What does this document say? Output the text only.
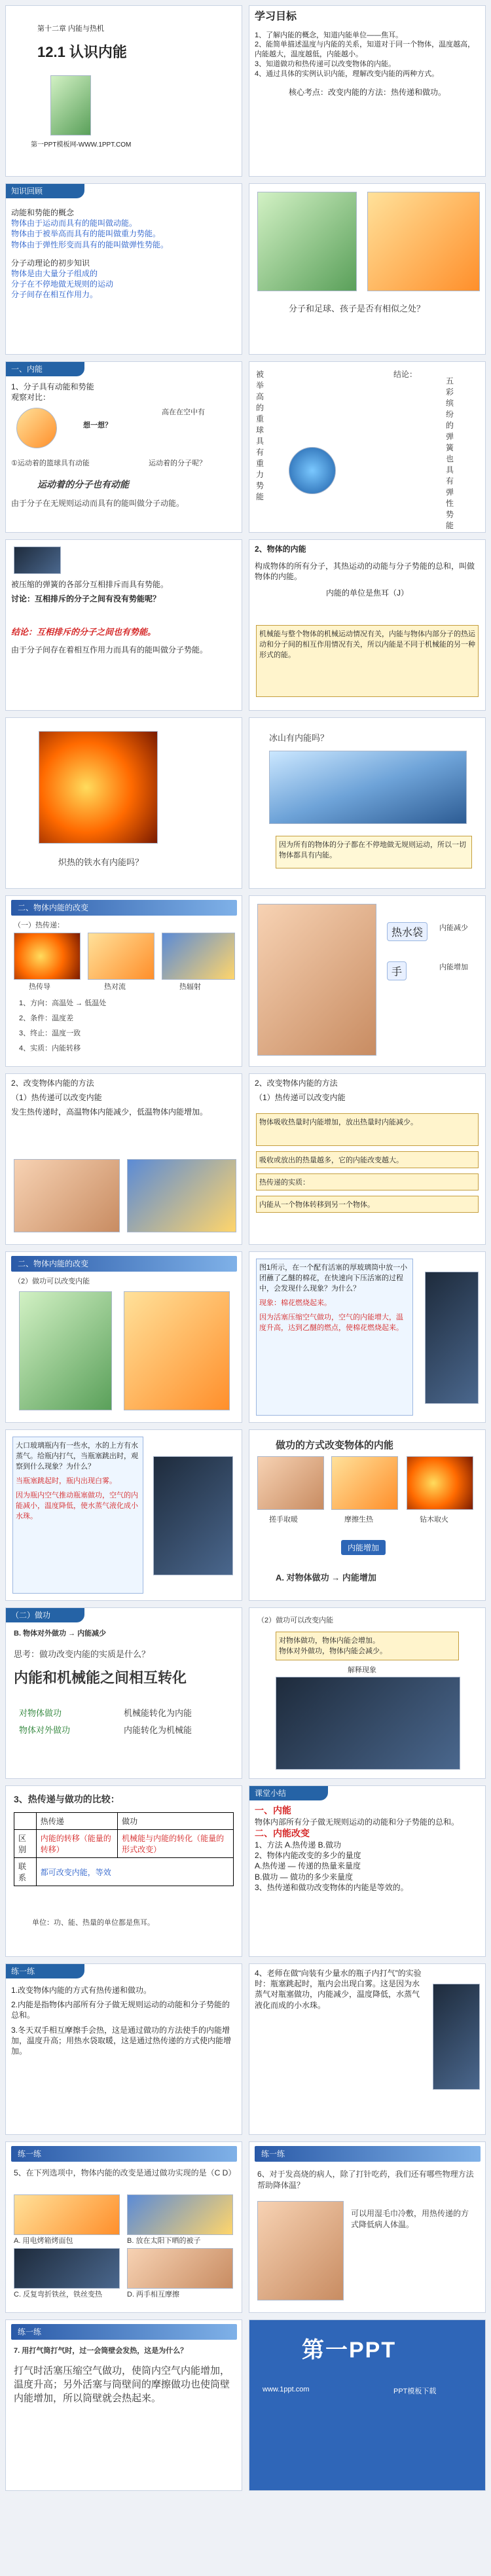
第十二章 内能与热机
12.1 认识内能
第一PPT模板网-WWW.1PPT.COM
学习目标
1、了解内能的概念，知道内能单位——焦耳。
2、能简单描述温度与内能的关系，知道对于同一个物体，温度越高，内能越大，温度越低，内能越小。
3、知道做功和热传递可以改变物体的内能。
4、通过具体的实例认识内能，理解改变内能的两种方式。
核心考点：改变内能的方法：热传递和做功。
知识回顾
动能和势能的概念
物体由于运动而具有的能叫做动能。
物体由于被举高而具有的能叫做重力势能。
物体由于弹性形变而具有的能叫做弹性势能。
分子动理论的初步知识
物体是由大量分子组成的
分子在不停地做无规则的运动
分子间存在相互作用力。
分子和足球、孩子是否有相似之处？
一、内能
1、分子具有动能和势能
观察对比：
想一想？
高在在空中有
①运动着的篮球具有动能	运动着的分子呢？
运动着的分子也有动能
由于分子在无规则运动而具有的能叫做分子动能。
被举高的重球具有重力势能
结论：
五彩缤纷的弹簧也具有弹性势能
被压缩的弹簧的各部分互相排斥而具有势能。
讨论：互相排斥的分子之间有没有势能呢？
结论：互相排斥的分子之间也有势能。
由于分子间存在着相互作用力而具有的能叫做分子势能。
2、物体的内能
构成物体的所有分子，其热运动的动能与分子势能的总和，叫做物体的内能。
内能的单位是焦耳（J）
机械能与整个物体的机械运动情况有关，内能与物体内部分子的热运动和分子间的相互作用情况有关，所以内能是不同于机械能的另一种形式的能。
炽热的铁水有内能吗？
冰山有内能吗？
因为所有的物体的分子都在不停地做无规则运动，所以一切物体都具有内能。
二、物体内能的改变
（一）热传递：
热传导	热对流	热辐射
1、方向：高温处 → 低温处
2、条件：温度差
3、终止：温度一致
4、实质：内能转移
热水袋
手
内能减少
内能增加
2、改变物体内能的方法
（1）热传递可以改变内能
发生热传递时，高温物体内能减少，低温物体内能增加。
2、改变物体内能的方法
（1）热传递可以改变内能
物体吸收热量时内能增加，放出热量时内能减少。
吸收或放出的热量越多，它的内能改变越大。
热传递的实质：
内能从一个物体转移到另一个物体。
二、物体内能的改变
（2）做功可以改变内能
图1所示，在一个配有活塞的厚玻璃筒中放一小团蘸了乙醚的棉花，在快速向下压活塞的过程中，会发现什么现象？为什么？
现象：棉花燃烧起来。
因为活塞压缩空气做功，空气的内能增大，温度升高，达到乙醚的燃点，使棉花燃烧起来。
大口玻璃瓶内有一些水，水的上方有水蒸气。给瓶内打气，当瓶塞跳出时，观察到什么现象？为什么？
当瓶塞跳起时，瓶内出现白雾。
因为瓶内空气推动瓶塞做功，空气的内能减小，温度降低，使水蒸气液化成小水珠。
做功的方式改变物体的内能
搓手取暖	摩擦生热	钻木取火
内能增加
A. 对物体做功 → 内能增加
（二）做功
B. 物体对外做功 → 内能减少
思考：做功改变内能的实质是什么？
内能和机械能之间相互转化
对物体做功
物体对外做功
机械能转化为内能
内能转化为机械能
（2）做功可以改变内能
对物体做功，物体内能会增加。
物体对外做功，物体内能会减少。
解释现象
3、热传递与做功的比较：
	热传递	做功
区别	内能的转移（能量的转移）	机械能与内能的转化（能量的形式改变）
联系	都可改变内能，等效	
单位：功、能、热量的单位都是焦耳。
课堂小结
一、内能
物体内部所有分子做无规则运动的动能和分子势能的总和。
二、内能改变
1、方法 A.热传递 B.做功
2、物体内能改变的多少的量度
A.热传递 — 传递的热量来量度
B.做功 — 做功的多少来量度
3、热传递和做功改变物体的内能是等效的。
练一练
1.改变物体内能的方式有热传递和做功。
2.内能是指物体内部所有分子做无规则运动的动能和分子势能的总和。
3.冬天双手相互摩擦手会热，这是通过做功的方法使手的内能增加，温度升高；用热水袋取暖，这是通过热传递的方式使内能增加。
4、老师在做“向装有少量水的瓶子内打气”的实验时：瓶塞跳起时，瓶内会出现白雾。这是因为水蒸气对瓶塞做功，内能减少，温度降低，水蒸气液化而成的小水珠。
练一练
5、在下列选项中，物体内能的改变是通过做功实现的是（C D）
A. 用电烤箱烤面包	B. 放在太阳下晒的被子
C. 反复弯折铁丝，铁丝变热	D. 两手相互摩擦
练一练
6、对于发高烧的病人，除了打针吃药，我们还有哪些物理方法帮助降体温？
可以用湿毛巾冷敷，用热传递的方式降低病人体温。
练一练
7. 用打气筒打气时，过一会筒壁会发热，这是为什么？
打气时活塞压缩空气做功，使筒内空气内能增加，温度升高；另外活塞与筒壁间的摩擦做功也使筒壁内能增加，所以筒壁就会热起来。
第一PPT
www.1ppt.com	PPT模板下载
